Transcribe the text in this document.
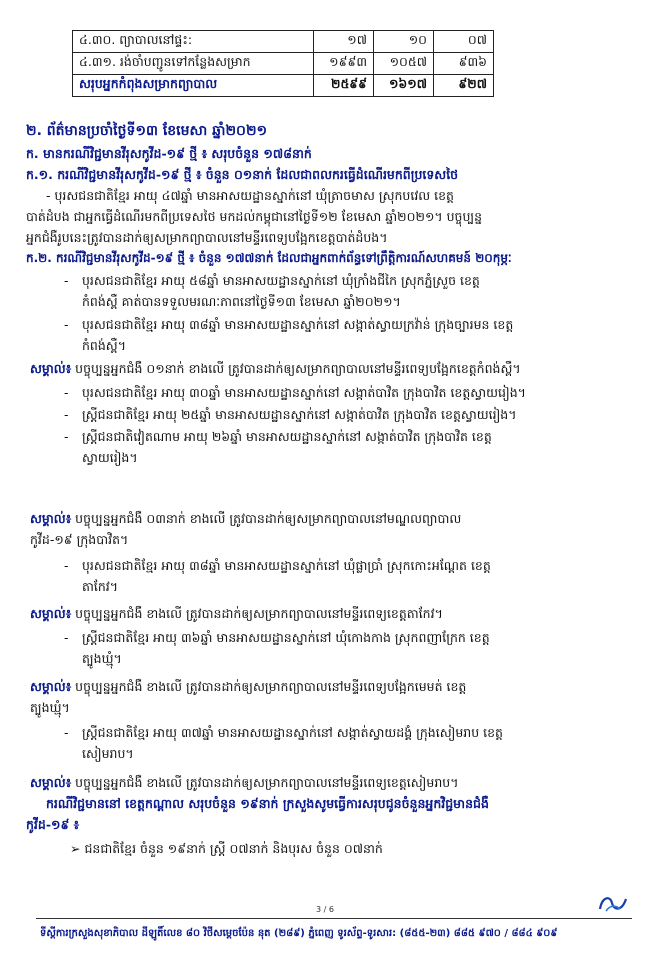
៤.៣០. ព្យាបាលនៅផ្ទះ:	១៧	១០	០៧
៤.៣១. រង់ចាំបញ្ជូនទៅកន្លែងសម្រាក	១៩៩៣	១០៥៧	៩៣៦
សរុបអ្នកកំពុងសម្រាកព្យាបាល	២៥៩៩	១៦១៧	៩២៧
២. ព័ត៌មានប្រចាំថ្ងៃទី១៣ ខែមេសា ឆ្នាំ២០២១
ក. មានករណីវិជ្ជមានវីរុសកូវីដ-១៩ ថ្មី ៖ សរុបចំនួន ១៧៨នាក់
ក.១. ករណីវិជ្ជមានវីរុសកូវីដ-១៩ ថ្មី ៖ ចំនួន ០១នាក់ ដែលជាពលករធ្វើដំណើរមកពីប្រទេសថៃ
- បុរសជនជាតិខ្មែរ អាយុ ៤៧ឆ្នាំ មានអាសយដ្ឋានស្នាក់នៅ ឃុំត្រាចមាស ស្រុកបវេល ខេត្ត
បាត់ដំបង ជាអ្នកធ្វើដំណើរមកពីប្រទេសថៃ មកដល់កម្ពុជានៅថ្ងៃទី១២ ខែមេសា ឆ្នាំ២០២១។ បច្ចុប្បន្ន
អ្នកជំងឺរូបនេះត្រូវបានដាក់ឲ្យសម្រាកព្យាបាលនៅមន្ទីរពេទ្យបង្អែកខេត្តបាត់ដំបង។
ក.២. ករណីវិជ្ជមានវីរុសកូវីដ-១៩ ថ្មី ៖ ចំនួន ១៧៧នាក់ ដែលជាអ្នកពាក់ព័ន្ធទៅព្រឹត្តិការណ៍សហគមន៍ ២០កុម្ភៈ
- បុរសជនជាតិខ្មែរ អាយុ ៥៨ឆ្នាំ មានអាសយដ្ឋានស្នាក់នៅ ឃុំក្រាំងជីកៃ ស្រុកភ្នំស្រួច ខេត្ត
កំពង់ស្ពឺ គាត់បានទទួលមរណៈភាពនៅថ្ងៃទី១៣ ខែមេសា ឆ្នាំ២០២១។
- បុរសជនជាតិខ្មែរ អាយុ ៣៨ឆ្នាំ មានអាសយដ្ឋានស្នាក់នៅ សង្កាត់ស្វាយក្រវ៉ាន់ ក្រុងច្បារមន ខេត្ត
កំពង់ស្ពឺ។
សម្គាល់៖ បច្ចុប្បន្នអ្នកជំងឺ ០១នាក់ ខាងលើ ត្រូវបានដាក់ឲ្យសម្រាកព្យាបាលនៅមន្ទីរពេទ្យបង្អែកខេត្តកំពង់ស្ពឺ។
- បុរសជនជាតិខ្មែរ អាយុ ៣០ឆ្នាំ មានអាសយដ្ឋានស្នាក់នៅ សង្កាត់បាវិត ក្រុងបាវិត ខេត្តស្វាយរៀង។
- ស្ត្រីជនជាតិខ្មែរ អាយុ ២៥ឆ្នាំ មានអាសយដ្ឋានស្នាក់នៅ សង្កាត់បាវិត ក្រុងបាវិត ខេត្តស្វាយរៀង។
- ស្ត្រីជនជាតិវៀតណាម អាយុ ២៦ឆ្នាំ មានអាសយដ្ឋានស្នាក់នៅ សង្កាត់បាវិត ក្រុងបាវិត ខេត្ត
ស្វាយរៀង។
សម្គាល់៖ បច្ចុប្បន្នអ្នកជំងឺ ០៣នាក់ ខាងលើ ត្រូវបានដាក់ឲ្យសម្រាកព្យាបាលនៅមណ្ឌលព្យាបាល
កូវីដ-១៩ ក្រុងបាវិត។
- បុរសជនជាតិខ្មែរ អាយុ ៣៨ឆ្នាំ មានអាសយដ្ឋានស្នាក់នៅ ឃុំផ្លាប្រាំ ស្រុកកោះអណ្តែត ខេត្ត
តាកែវ។
សម្គាល់៖ បច្ចុប្បន្នអ្នកជំងឺ ខាងលើ ត្រូវបានដាក់ឲ្យសម្រាកព្យាបាលនៅមន្ទីរពេទ្យខេត្តតាកែវ។
- ស្ត្រីជនជាតិខ្មែរ អាយុ ៣៦ឆ្នាំ មានអាសយដ្ឋានស្នាក់នៅ ឃុំកោងកាង ស្រុកពញាក្រែក ខេត្ត
ត្បូងឃ្មុំ។
សម្គាល់៖ បច្ចុប្បន្នអ្នកជំងឺ ខាងលើ ត្រូវបានដាក់ឲ្យសម្រាកព្យាបាលនៅមន្ទីរពេទ្យបង្អែកមេមត់ ខេត្ត
ត្បូងឃ្មុំ។
- ស្ត្រីជនជាតិខ្មែរ អាយុ ៣៧ឆ្នាំ មានអាសយដ្ឋានស្នាក់នៅ សង្កាត់ស្វាយដង្គំ ក្រុងសៀមរាប ខេត្ត
សៀមរាប។
សម្គាល់៖ បច្ចុប្បន្នអ្នកជំងឺ ខាងលើ ត្រូវបានដាក់ឲ្យសម្រាកព្យាបាលនៅមន្ទីរពេទ្យខេត្តសៀមរាប។
ករណីវិជ្ជមាននៅ ខេត្តកណ្តាល សរុបចំនួន ១៩នាក់ ក្រសួងសូមធ្វើការសរុបជូនចំនួនអ្នកវិជ្ជមានជំងឺ
កូវីដ-១៩ ៖
➢ ជនជាតិខ្មែរ ចំនួន ១៩នាក់ ស្ត្រី ០៧នាក់ និងបុរស ចំនួន ០៧នាក់
3 / 6
ទីស្តីការក្រសួងសុខាភិបាល ដីឡូតិ៍លេខ ៨០ វិថីសម្តេចប៉ែន នុត (២៨៩) ភ្នំពេញ ទូរស័ព្ទ-ទូរសារ: (៨៥៥-២៣) ៨៨៥ ៩៧០ / ៨៨៤ ៩០៩
